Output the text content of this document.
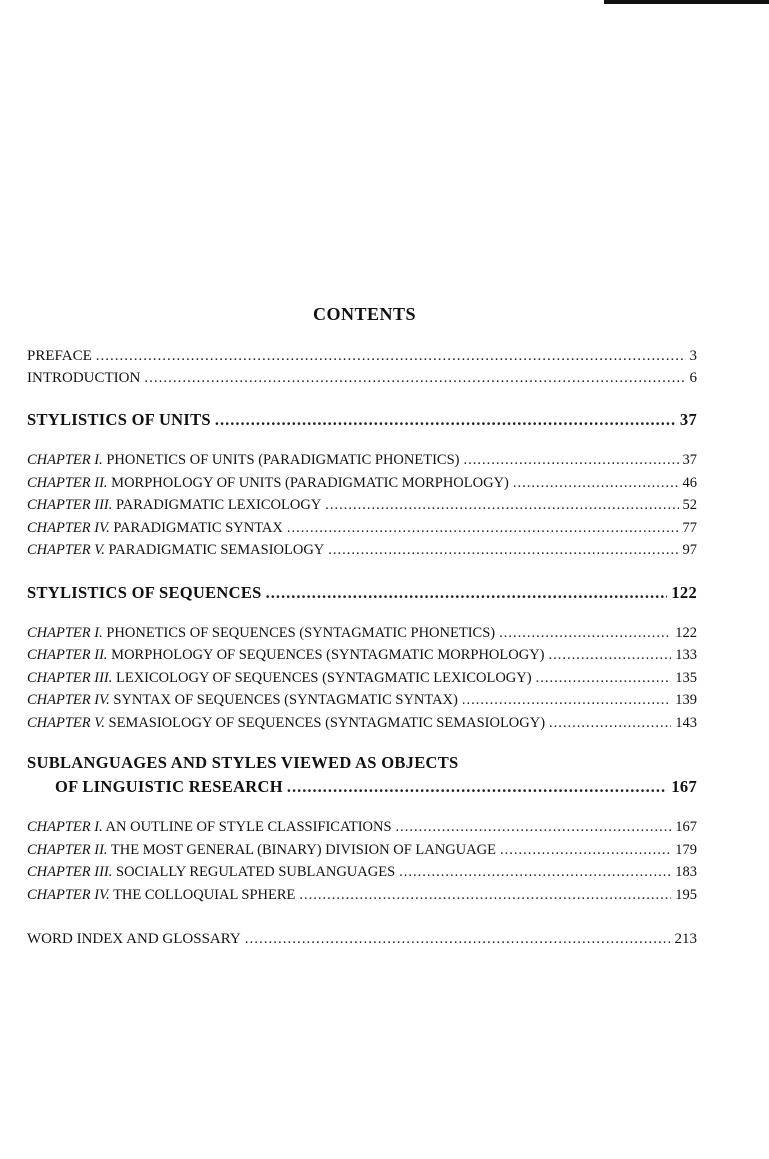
CONTENTS
PREFACE .....	3
INTRODUCTION .....	6
STYLISTICS OF UNITS .....	37
CHAPTER I. PHONETICS OF UNITS (PARADIGMATIC PHONETICS) .....	37
CHAPTER II. MORPHOLOGY OF UNITS (PARADIGMATIC MORPHOLOGY) .....	46
CHAPTER III. PARADIGMATIC LEXICOLOGY .....	52
CHAPTER IV. PARADIGMATIC SYNTAX .....	77
CHAPTER V. PARADIGMATIC SEMASIOLOGY .....	97
STYLISTICS OF SEQUENCES .....	122
CHAPTER I. PHONETICS OF SEQUENCES (SYNTAGMATIC PHONETICS) .....	122
CHAPTER II. MORPHOLOGY OF SEQUENCES (SYNTAGMATIC MORPHOLOGY) .....	133
CHAPTER III. LEXICOLOGY OF SEQUENCES (SYNTAGMATIC LEXICOLOGY) .....	135
CHAPTER IV. SYNTAX OF SEQUENCES (SYNTAGMATIC SYNTAX) .....	139
CHAPTER V. SEMASIOLOGY OF SEQUENCES (SYNTAGMATIC SEMASIOLOGY) .....	143
SUBLANGUAGES AND STYLES VIEWED AS OBJECTS
OF LINGUISTIC RESEARCH .....	167
CHAPTER I. AN OUTLINE OF STYLE CLASSIFICATIONS .....	167
CHAPTER II. THE MOST GENERAL (BINARY) DIVISION OF LANGUAGE .....	179
CHAPTER III. SOCIALLY REGULATED SUBLANGUAGES .....	183
CHAPTER IV. THE COLLOQUIAL SPHERE .....	195
WORD INDEX AND GLOSSARY .....	213
